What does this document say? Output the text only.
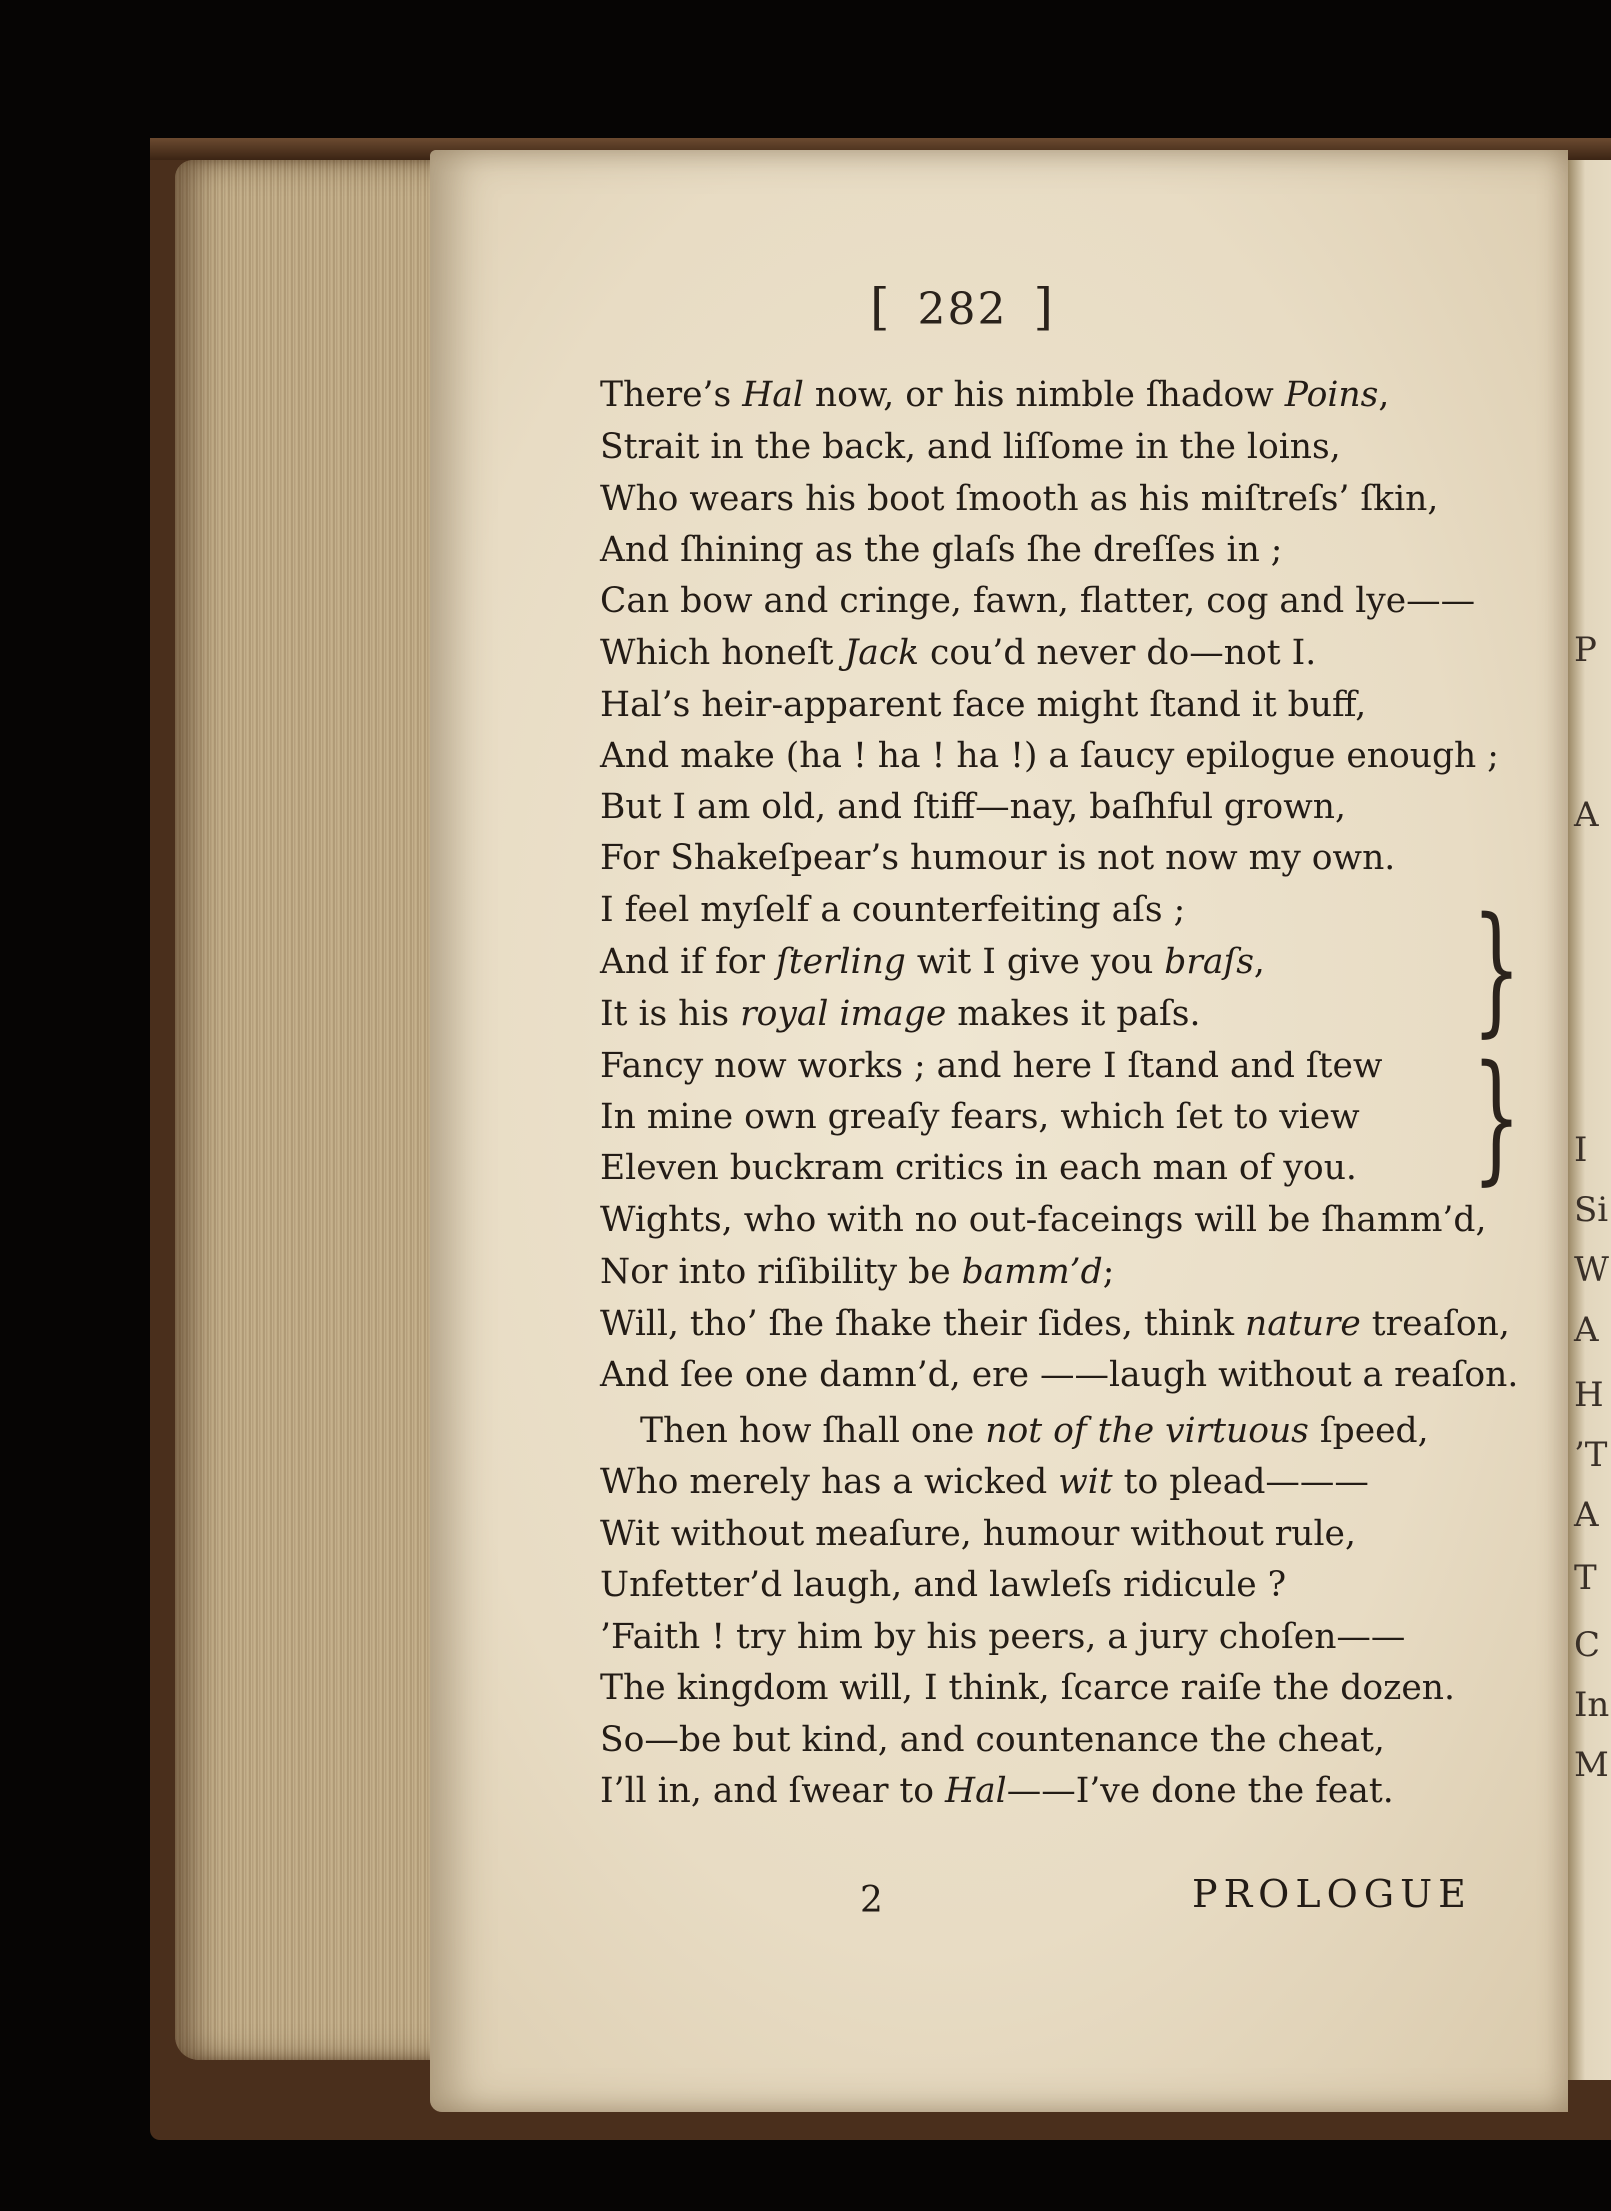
P
A
I
Si
W
A
H
’T
A
T
C
In
M
[ 282 ]
There’s Hal now, or his nimble ſhadow Poins,
Strait in the back, and liſſome in the loins,
Who wears his boot ſmooth as his miſtreſs’ ſkin,
And ſhining as the glaſs ſhe dreſſes in ;
Can bow and cringe, fawn, flatter, cog and lye——
Which honeſt Jack cou’d never do—not I.
Hal’s heir-apparent face might ſtand it buff,
And make (ha ! ha ! ha !) a ſaucy epilogue enough ;
But I am old, and ſtiff—nay, baſhful grown,
For Shakeſpear’s humour is not now my own.
I feel myſelf a counterfeiting aſs ;
And if for ſterling wit I give you braſs,
It is his royal image makes it paſs.
Fancy now works ; and here I ſtand and ſtew
In mine own greaſy fears, which ſet to view
Eleven buckram critics in each man of you.
Wights, who with no out-faceings will be ſhamm’d,
Nor into riſibility be bamm’d;
Will, tho’ ſhe ſhake their ſides, think nature treaſon,
And ſee one damn’d, ere ——laugh without a reaſon.
Then how ſhall one not of the virtuous ſpeed,
Who merely has a wicked wit to plead———
Wit without meaſure, humour without rule,
Unfetter’d laugh, and lawleſs ridicule ?
’Faith ! try him by his peers, a jury choſen——
The kingdom will, I think, ſcarce raiſe the dozen.
So—be but kind, and countenance the cheat,
I’ll in, and ſwear to Hal——I’ve done the feat.
}
}
2	PROLOGUE
